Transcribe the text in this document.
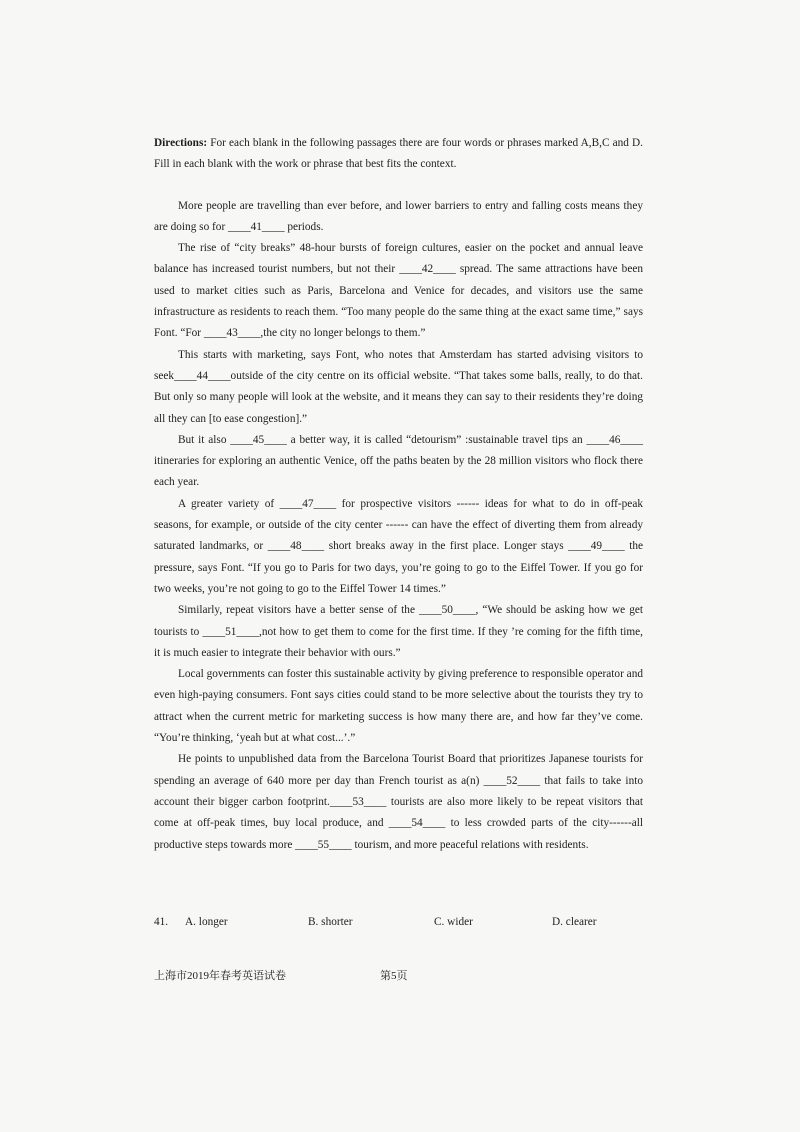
Directions: For each blank in the following passages there are four words or phrases marked A,B,C and D. Fill in each blank with the work or phrase that best fits the context.

More people are travelling than ever before, and lower barriers to entry and falling costs means they are doing so for ____41____ periods.

The rise of “city breaks” 48-hour bursts of foreign cultures, easier on the pocket and annual leave balance has increased tourist numbers, but not their ____42____ spread. The same attractions have been used to market cities such as Paris, Barcelona and Venice for decades, and visitors use the same infrastructure as residents to reach them. “Too many people do the same thing at the exact same time,” says Font. “For ____43____,the city no longer belongs to them.”

This starts with marketing, says Font, who notes that Amsterdam has started advising visitors to seek____44____outside of the city centre on its official website. “That takes some balls, really, to do that. But only so many people will look at the website, and it means they can say to their residents they’re doing all they can [to ease congestion].”

But it also ____45____ a better way, it is called “detourism” :sustainable travel tips an ____46____ itineraries for exploring an authentic Venice, off the paths beaten by the 28 million visitors who flock there each year.

A greater variety of ____47____ for prospective visitors ------ ideas for what to do in off-peak seasons, for example, or outside of the city center ------ can have the effect of diverting them from already saturated landmarks, or ____48____ short breaks away in the first place. Longer stays ____49____ the pressure, says Font. “If you go to Paris for two days, you’re going to go to the Eiffel Tower. If you go for two weeks, you’re not going to go to the Eiffel Tower 14 times.”

Similarly, repeat visitors have a better sense of the ____50____, “We should be asking how we get tourists to ____51____,not how to get them to come for the first time. If they ’re coming for the fifth time, it is much easier to integrate their behavior with ours.”

Local governments can foster this sustainable activity by giving preference to responsible operator and even high-paying consumers. Font says cities could stand to be more selective about the tourists they try to attract when the current metric for marketing success is how many there are, and how far they’ve come. “You’re thinking, ‘yeah but at what cost...’.”

He points to unpublished data from the Barcelona Tourist Board that prioritizes Japanese tourists for spending an average of 640 more per day than French tourist as a(n) ____52____ that fails to take into account their bigger carbon footprint.____53____ tourists are also more likely to be repeat visitors that come at off-peak times, buy local produce, and ____54____ to less crowded parts of the city------all productive steps towards more ____55____ tourism, and more peaceful relations with residents.

41. A. longer	B. shorter	C. wider	D. clearer
上海市2019年春考英语试卷	第5页
